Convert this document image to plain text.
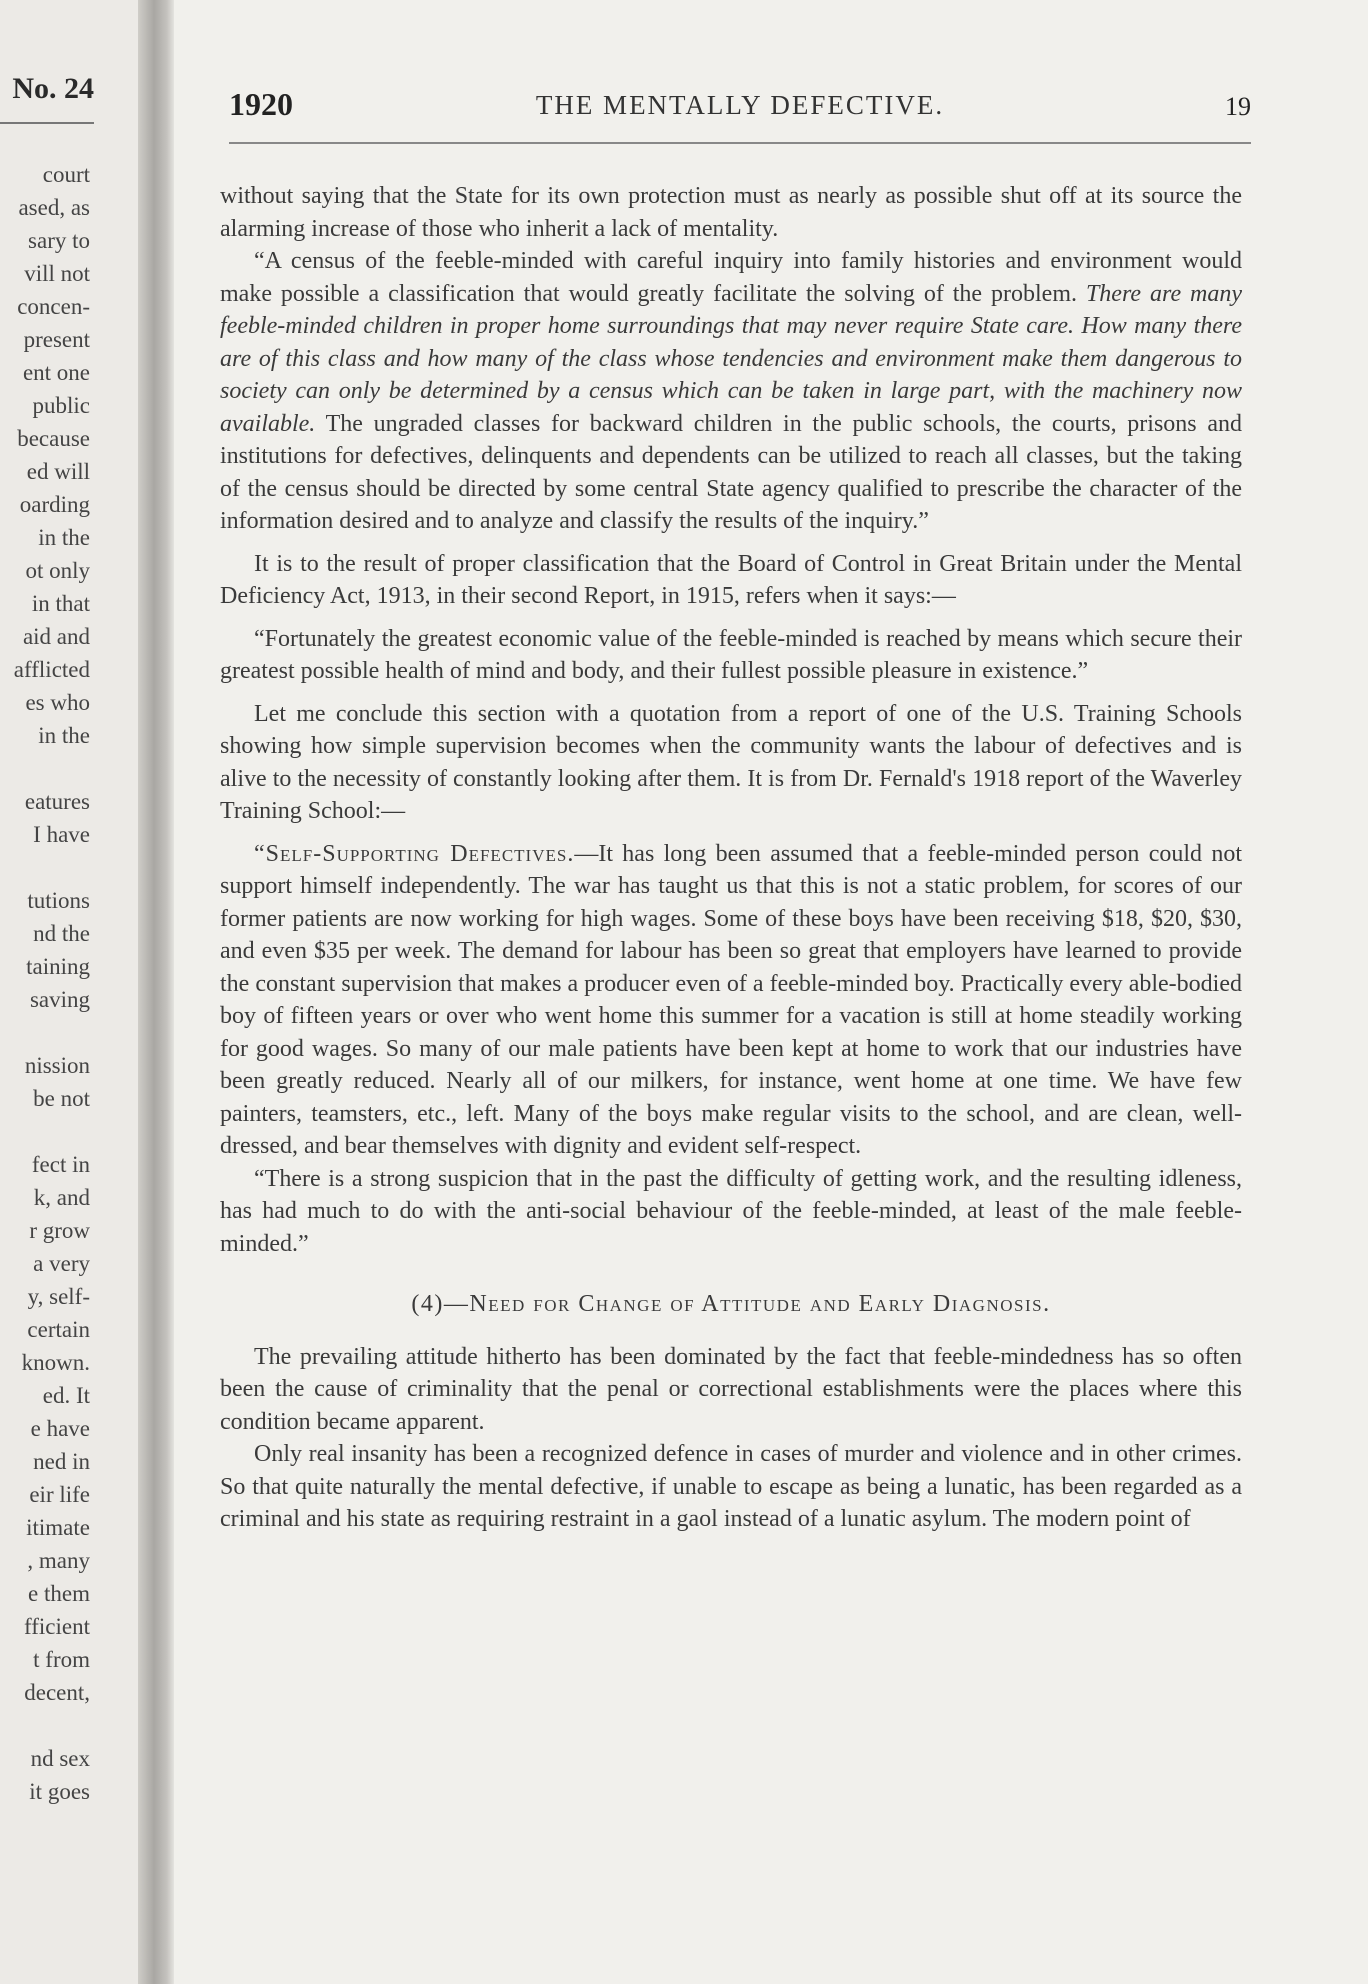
No. 24
court
ased, as
sary to
vill not
concen-
present
ent one
public
because
ed will
oarding
in the
ot only
in that
aid and
afflicted
es who
in the
eatures
I have
tutions
nd the
taining
saving
nission
be not
fect in
k, and
r grow
a very
y, self-
certain
known.
ed. It
e have
ned in
eir life
itimate
, many
e them
fficient
t from
decent,
nd sex
it goes
1920	THE MENTALLY DEFECTIVE.	19

without saying that the State for its own protection must as nearly as possible shut off at its source the alarming increase of those who inherit a lack of mentality.

“A census of the feeble-minded with careful inquiry into family histories and environment would make possible a classification that would greatly facilitate the solving of the problem. There are many feeble-minded children in proper home surroundings that may never require State care. How many there are of this class and how many of the class whose tendencies and environment make them dangerous to society can only be determined by a census which can be taken in large part, with the machinery now available. The ungraded classes for backward children in the public schools, the courts, prisons and institutions for defectives, delinquents and dependents can be utilized to reach all classes, but the taking of the census should be directed by some central State agency qualified to prescribe the character of the information desired and to analyze and classify the results of the inquiry.”

It is to the result of proper classification that the Board of Control in Great Britain under the Mental Deficiency Act, 1913, in their second Report, in 1915, refers when it says:—

“Fortunately the greatest economic value of the feeble-minded is reached by means which secure their greatest possible health of mind and body, and their fullest possible pleasure in existence.”

Let me conclude this section with a quotation from a report of one of the U.S. Training Schools showing how simple supervision becomes when the community wants the labour of defectives and is alive to the necessity of constantly looking after them. It is from Dr. Fernald's 1918 report of the Waverley Training School:—

“Self-Supporting Defectives.—It has long been assumed that a feeble-minded person could not support himself independently. The war has taught us that this is not a static problem, for scores of our former patients are now working for high wages. Some of these boys have been receiving $18, $20, $30, and even $35 per week. The demand for labour has been so great that employers have learned to provide the constant supervision that makes a producer even of a feeble-minded boy. Practically every able-bodied boy of fifteen years or over who went home this summer for a vacation is still at home steadily working for good wages. So many of our male patients have been kept at home to work that our industries have been greatly reduced. Nearly all of our milkers, for instance, went home at one time. We have few painters, teamsters, etc., left. Many of the boys make regular visits to the school, and are clean, well-dressed, and bear themselves with dignity and evident self-respect.

“There is a strong suspicion that in the past the difficulty of getting work, and the resulting idleness, has had much to do with the anti-social behaviour of the feeble-minded, at least of the male feeble-minded.”

(4)—Need for Change of Attitude and Early Diagnosis.

The prevailing attitude hitherto has been dominated by the fact that feeble-mindedness has so often been the cause of criminality that the penal or correctional establishments were the places where this condition became apparent.

Only real insanity has been a recognized defence in cases of murder and violence and in other crimes. So that quite naturally the mental defective, if unable to escape as being a lunatic, has been regarded as a criminal and his state as requiring restraint in a gaol instead of a lunatic asylum. The modern point of
